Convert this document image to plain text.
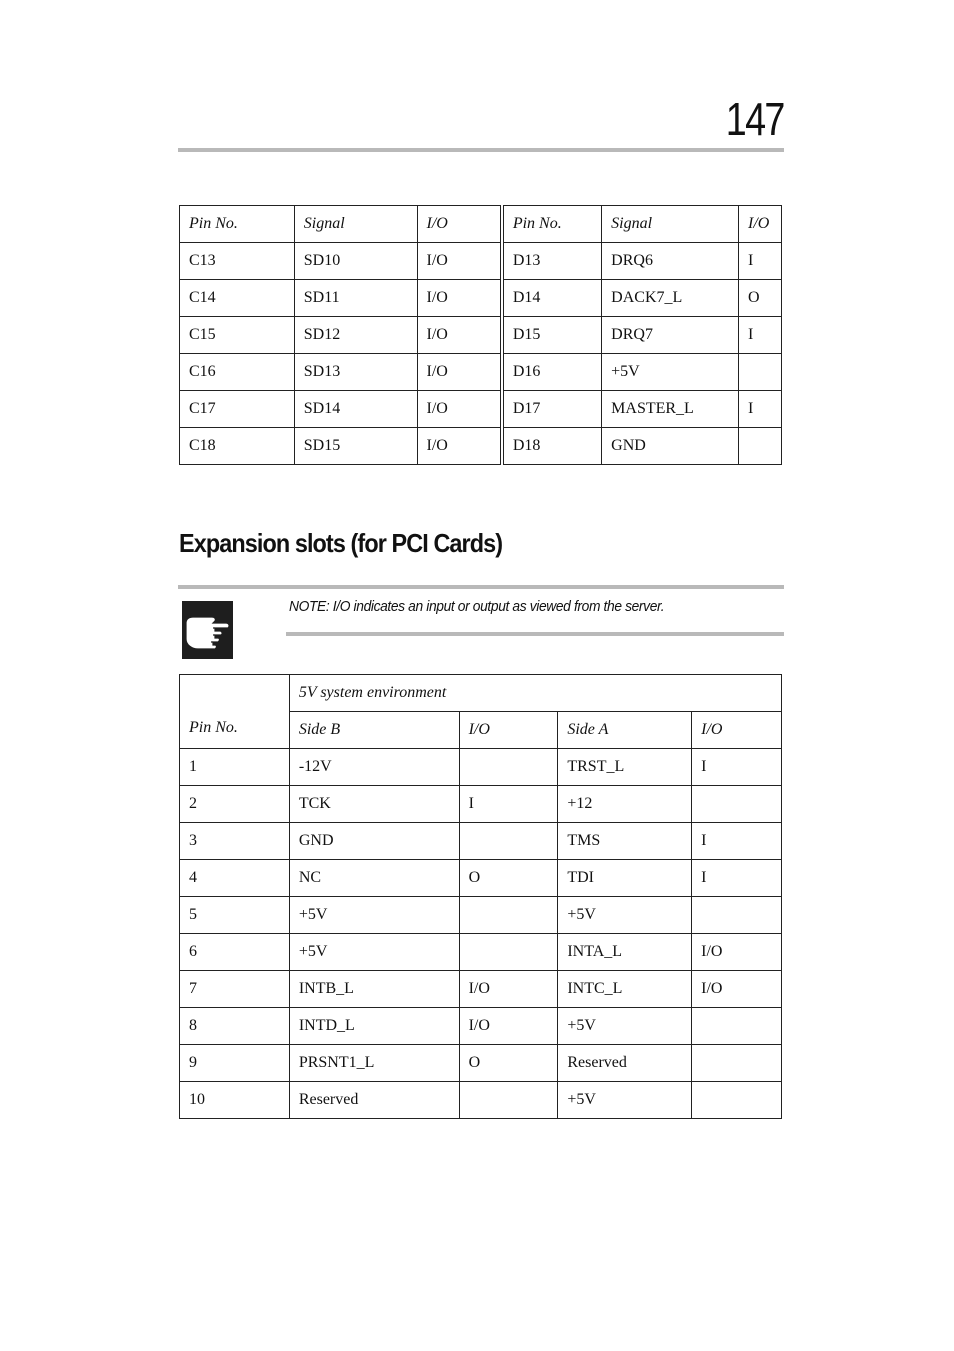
147
Pin No.	Signal	I/O	Pin No.	Signal	I/O
C13	SD10	I/O	D13	DRQ6	I
C14	SD11	I/O	D14	DACK7_L	O
C15	SD12	I/O	D15	DRQ7	I
C16	SD13	I/O	D16	+5V	
C17	SD14	I/O	D17	MASTER_L	I
C18	SD15	I/O	D18	GND	
Expansion slots (for PCI Cards)
NOTE: I/O indicates an input or output as viewed from the server.
Pin No.	5V system environment			
	Side B	I/O	Side A	I/O
1	-12V		TRST_L	I
2	TCK	I	+12	
3	GND		TMS	I
4	NC	O	TDI	I
5	+5V		+5V	
6	+5V		INTA_L	I/O
7	INTB_L	I/O	INTC_L	I/O
8	INTD_L	I/O	+5V	
9	PRSNT1_L	O	Reserved	
10	Reserved		+5V	
